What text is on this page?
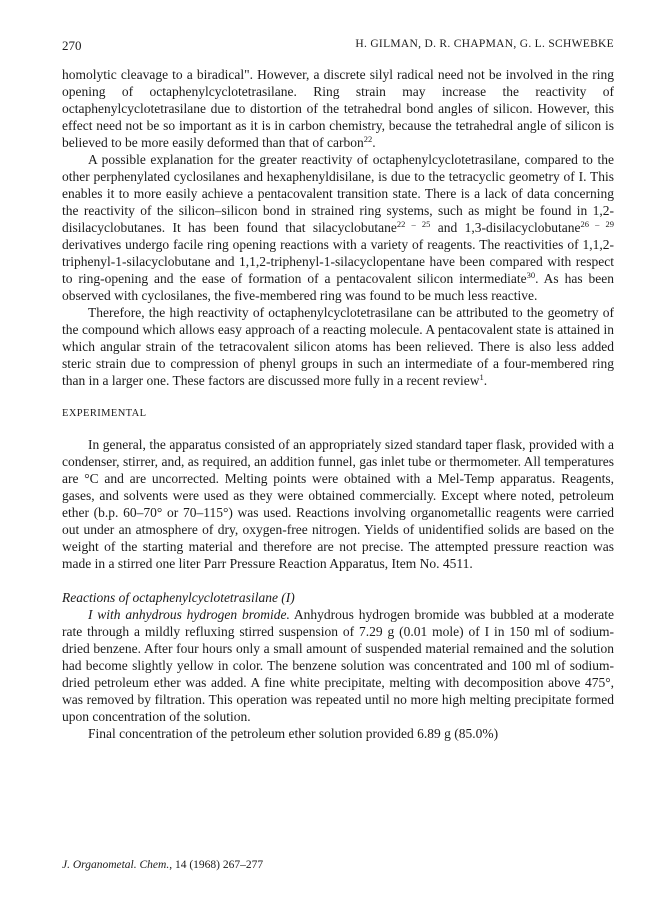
270	H. GILMAN, D. R. CHAPMAN, G. L. SCHWEBKE

homolytic cleavage to a biradical". However, a discrete silyl radical need not be involved in the ring opening of octaphenylcyclotetrasilane. Ring strain may increase the reactivity of octaphenylcyclotetrasilane due to distortion of the tetrahedral bond angles of silicon. However, this effect need not be so important as it is in carbon chemistry, because the tetrahedral angle of silicon is believed to be more easily deformed than that of carbon$^{22}$.

A possible explanation for the greater reactivity of octaphenylcyclotetrasilane, compared to the other perphenylated cyclosilanes and hexaphenyldisilane, is due to the tetracyclic geometry of I. This enables it to more easily achieve a pentacovalent transition state. There is a lack of data concerning the reactivity of the silicon–silicon bond in strained ring systems, such as might be found in 1,2-disilacyclobutanes. It has been found that silacyclobutane$^{22 - 25}$ and 1,3-disilacyclobutane$^{26 - 29}$ derivatives undergo facile ring opening reactions with a variety of reagents. The reactivities of 1,1,2-triphenyl-1-silacyclobutane and 1,1,2-triphenyl-1-silacyclopentane have been compared with respect to ring-opening and the ease of formation of a pentacovalent silicon intermediate$^{30}$. As has been observed with cyclosilanes, the five-membered ring was found to be much less reactive.

Therefore, the high reactivity of octaphenylcyclotetrasilane can be attributed to the geometry of the compound which allows easy approach of a reacting molecule. A pentacovalent state is attained in which angular strain of the tetracovalent silicon atoms has been relieved. There is also less added steric strain due to compression of phenyl groups in such an intermediate of a four-membered ring than in a larger one. These factors are discussed more fully in a recent review$^1$.

EXPERIMENTAL

In general, the apparatus consisted of an appropriately sized standard taper flask, provided with a condenser, stirrer, and, as required, an addition funnel, gas inlet tube or thermometer. All temperatures are °C and are uncorrected. Melting points were obtained with a Mel-Temp apparatus. Reagents, gases, and solvents were used as they were obtained commercially. Except where noted, petroleum ether (b.p. 60–70° or 70–115°) was used. Reactions involving organometallic reagents were carried out under an atmosphere of dry, oxygen-free nitrogen. Yields of unidentified solids are based on the weight of the starting material and therefore are not precise. The attempted pressure reaction was made in a stirred one liter Parr Pressure Reaction Apparatus, Item No. 4511.

Reactions of octaphenylcyclotetrasilane (I)

I with anhydrous hydrogen bromide. Anhydrous hydrogen bromide was bubbled at a moderate rate through a mildly refluxing stirred suspension of 7.29 g (0.01 mole) of I in 150 ml of sodium-dried benzene. After four hours only a small amount of suspended material remained and the solution had become slightly yellow in color. The benzene solution was concentrated and 100 ml of sodium-dried petroleum ether was added. A fine white precipitate, melting with decomposition above 475°, was removed by filtration. This operation was repeated until no more high melting precipitate formed upon concentration of the solution.

Final concentration of the petroleum ether solution provided 6.89 g (85.0%)

J. Organometal. Chem., 14 (1968) 267–277
